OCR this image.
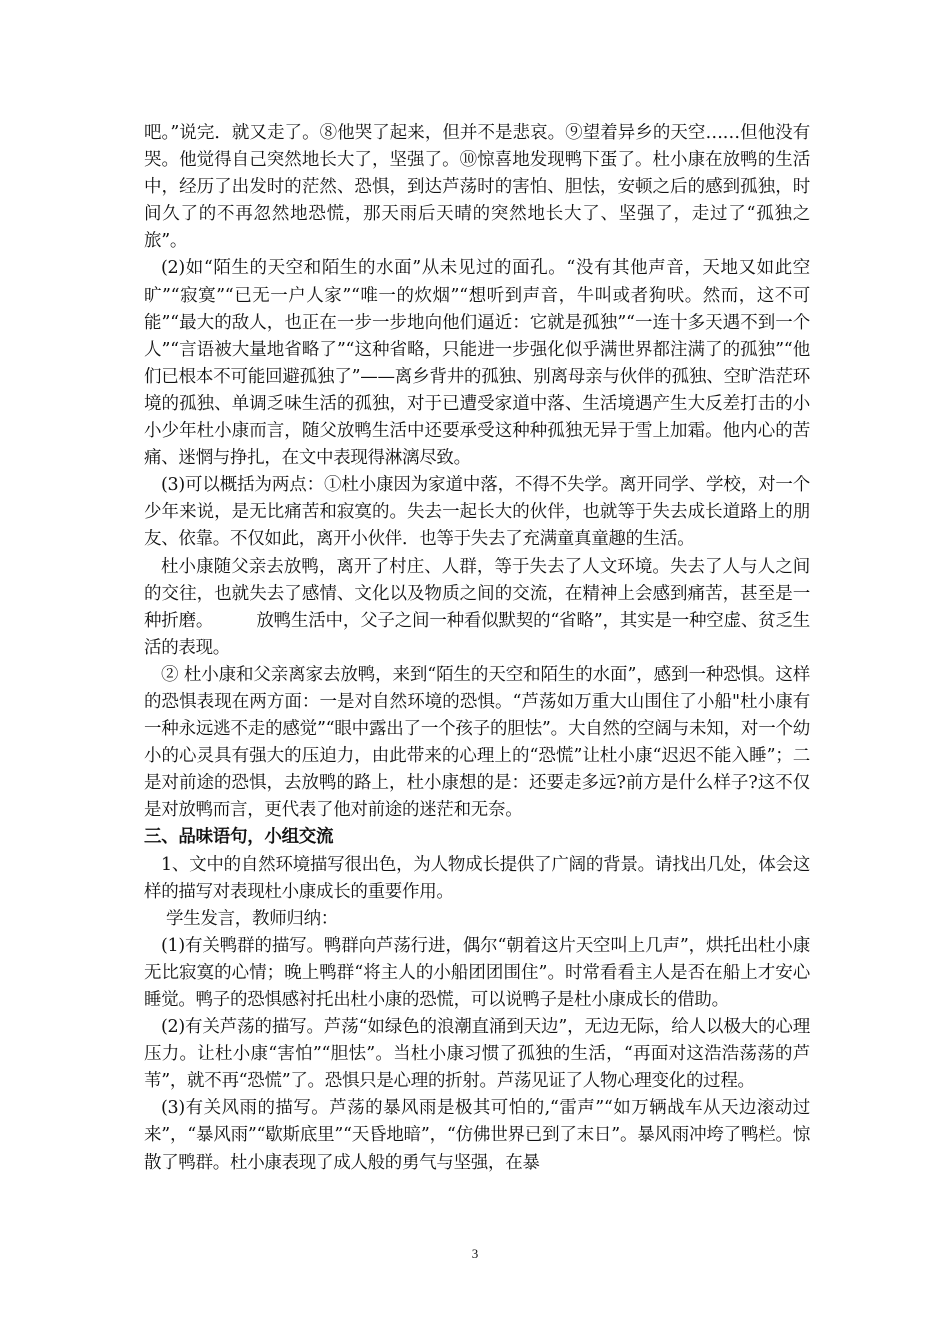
吧。”说完．就又走了。⑧他哭了起来，但并不是悲哀。⑨望着异乡的天空……但他没有哭。他觉得自己突然地长大了，坚强了。⑩惊喜地发现鸭下蛋了。杜小康在放鸭的生活中，经历了出发时的茫然、恐惧，到达芦荡时的害怕、胆怯，安顿之后的感到孤独，时间久了的不再忽然地恐慌，那天雨后天晴的突然地长大了、坚强了，走过了“孤独之旅”。

(2)如“陌生的天空和陌生的水面”从未见过的面孔。“没有其他声音，天地又如此空旷”“寂寞”“已无一户人家”“唯一的炊烟”“想听到声音，牛叫或者狗吠。然而，这不可能”“最大的敌人，也正在一步一步地向他们逼近：它就是孤独”“一连十多天遇不到一个人”“言语被大量地省略了”“这种省略，只能进一步强化似乎满世界都注满了的孤独”“他们已根本不可能回避孤独了”——离乡背井的孤独、别离母亲与伙伴的孤独、空旷浩茫环境的孤独、单调乏味生活的孤独，对于已遭受家道中落、生活境遇产生大反差打击的小小少年杜小康而言，随父放鸭生活中还要承受这种种孤独无异于雪上加霜。他内心的苦痛、迷惘与挣扎，在文中表现得淋漓尽致。

(3)可以概括为两点：①杜小康因为家道中落，不得不失学。离开同学、学校，对一个少年来说，是无比痛苦和寂寞的。失去一起长大的伙伴，也就等于失去成长道路上的朋友、依靠。不仅如此，离开小伙伴．也等于失去了充满童真童趣的生活。

杜小康随父亲去放鸭，离开了村庄、人群，等于失去了人文环境。失去了人与人之间的交往，也就失去了感情、文化以及物质之间的交流，在精神上会感到痛苦，甚至是一种折磨。　　　放鸭生活中，父子之间一种看似默契的“省略”，其实是一种空虚、贫乏生活的表现。

② 杜小康和父亲离家去放鸭，来到“陌生的天空和陌生的水面”，感到一种恐惧。这样的恐惧表现在两方面：一是对自然环境的恐惧。“芦荡如万重大山围住了小船"杜小康有一种永远逃不走的感觉”“眼中露出了一个孩子的胆怯”。大自然的空阔与未知，对一个幼小的心灵具有强大的压迫力，由此带来的心理上的“恐慌”让杜小康“迟迟不能入睡”；二是对前途的恐惧，去放鸭的路上，杜小康想的是：还要走多远?前方是什么样子?这不仅是对放鸭而言，更代表了他对前途的迷茫和无奈。

三、品味语句，小组交流

1、文中的自然环境描写很出色，为人物成长提供了广阔的背景。请找出几处，体会这样的描写对表现杜小康成长的重要作用。

学生发言，教师归纳：

(1)有关鸭群的描写。鸭群向芦荡行进，偶尔“朝着这片天空叫上几声”，烘托出杜小康无比寂寞的心情；晚上鸭群“将主人的小船团团围住”。时常看看主人是否在船上才安心睡觉。鸭子的恐惧感衬托出杜小康的恐慌，可以说鸭子是杜小康成长的借助。

(2)有关芦荡的描写。芦荡“如绿色的浪潮直涌到天边”，无边无际，给人以极大的心理压力。让杜小康“害怕”“胆怯”。当杜小康习惯了孤独的生活，“再面对这浩浩荡荡的芦苇”，就不再“恐慌”了。恐惧只是心理的折射。芦荡见证了人物心理变化的过程。

(3)有关风雨的描写。芦荡的暴风雨是极其可怕的,“雷声”“如万辆战车从天边滚动过来”，“暴风雨”“歇斯底里”“天昏地暗”，“仿佛世界已到了末日”。暴风雨冲垮了鸭栏。惊散了鸭群。杜小康表现了成人般的勇气与坚强，在暴

3
